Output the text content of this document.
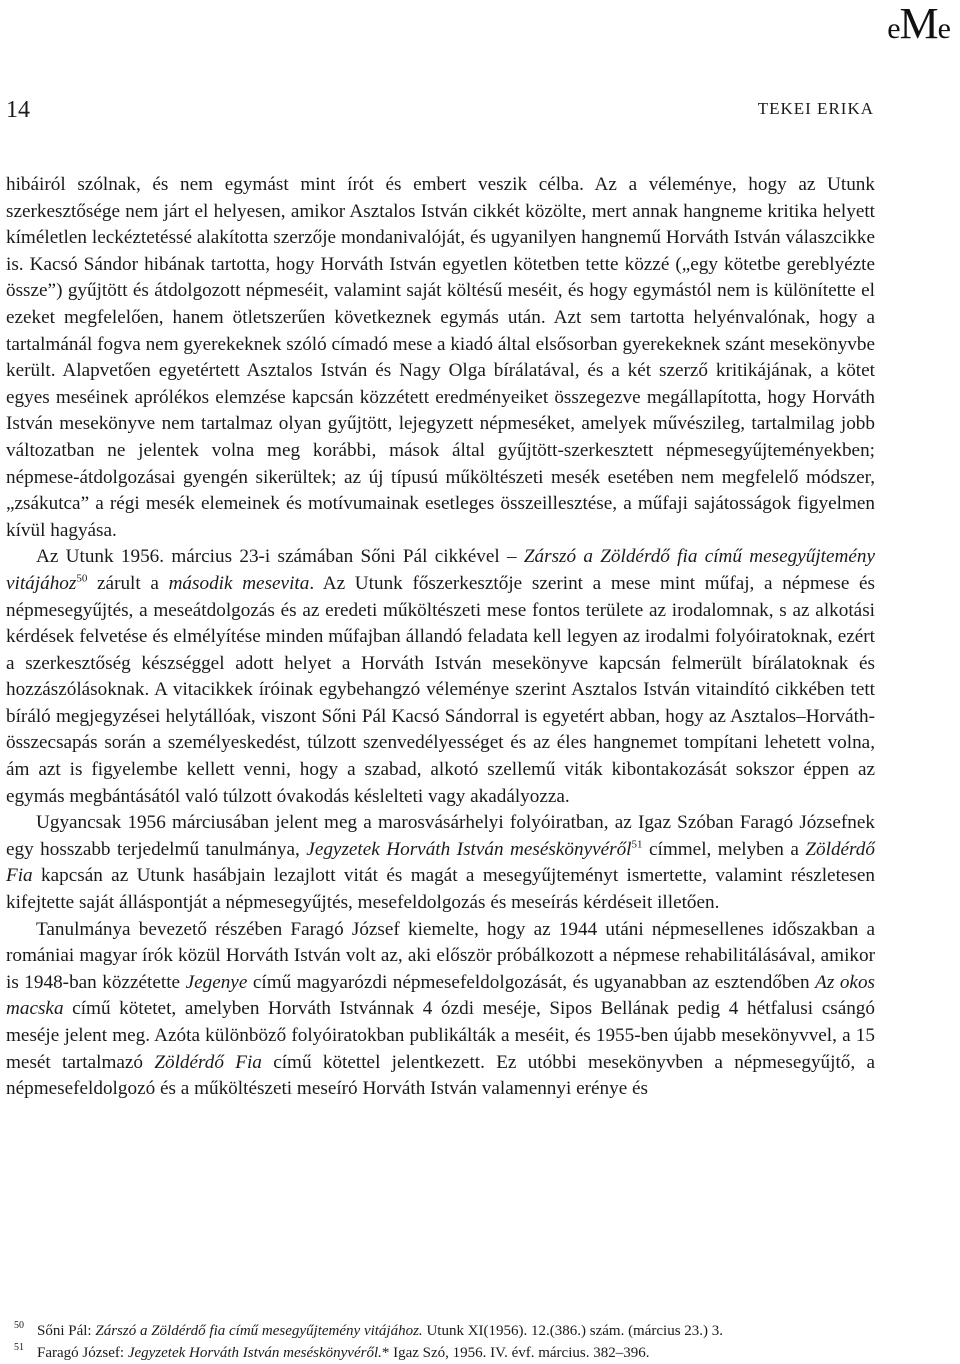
eMe
14	TEKEI ERIKA

hibáiról szólnak, és nem egymást mint írót és embert veszik célba. Az a véleménye, hogy az Utunk szerkesztősége nem járt el helyesen, amikor Asztalos István cikkét közölte, mert annak hangneme kritika helyett kíméletlen leckéztetéssé alakította szerzője mondanivalóját, és ugyanilyen hangnemű Horváth István válaszcikke is. Kacsó Sándor hibának tartotta, hogy Horváth István egyetlen kötetben tette közzé („egy kötetbe gereblyézte össze”) gyűjtött és átdolgozott népmeséit, valamint saját költésű meséit, és hogy egymástól nem is különítette el ezeket megfelelően, hanem ötletszerűen következnek egymás után. Azt sem tartotta helyénvalónak, hogy a tartalmánál fogva nem gyerekeknek szóló címadó mese a kiadó által elsősorban gyerekeknek szánt mesekönyvbe került. Alapvetően egyetértett Asztalos István és Nagy Olga bírálatával, és a két szerző kritikájának, a kötet egyes meséinek aprólékos elemzése kapcsán közzétett eredményeiket összegezve megállapította, hogy Horváth István mesekönyve nem tartalmaz olyan gyűjtött, lejegyzett népmeséket, amelyek művészileg, tartalmilag jobb változatban ne jelentek volna meg korábbi, mások által gyűjtött-szerkesztett népmesegyűjteményekben; népmese-átdolgozásai gyengén sikerültek; az új típusú műköltészeti mesék esetében nem megfelelő módszer, „zsákutca” a régi mesék elemeinek és motívumainak esetleges összeillesztése, a műfaji sajátosságok figyelmen kívül hagyása.

Az Utunk 1956. március 23-i számában Sőni Pál cikkével – Zárszó a Zöldérdő fia című mesegyűjtemény vitájához$^{50}$ zárult a második mesevita. Az Utunk főszerkesztője szerint a mese mint műfaj, a népmese és népmesegyűjtés, a meseátdolgozás és az eredeti műköltészeti mese fontos területe az irodalomnak, s az alkotási kérdések felvetése és elmélyítése minden műfajban állandó feladata kell legyen az irodalmi folyóiratoknak, ezért a szerkesztőség készséggel adott helyet a Horváth István mesekönyve kapcsán felmerült bírálatoknak és hozzászólásoknak. A vitacikkek íróinak egybehangzó véleménye szerint Asztalos István vitaindító cikkében tett bíráló megjegyzései helytállóak, viszont Sőni Pál Kacsó Sándorral is egyetért abban, hogy az Asztalos–Horváth-összecsapás során a személyeskedést, túlzott szenvedélyességet és az éles hangnemet tompítani lehetett volna, ám azt is figyelembe kellett venni, hogy a szabad, alkotó szellemű viták kibontakozását sokszor éppen az egymás megbántásától való túlzott óvakodás késlelteti vagy akadályozza.

Ugyancsak 1956 márciusában jelent meg a marosvásárhelyi folyóiratban, az Igaz Szóban Faragó Józsefnek egy hosszabb terjedelmű tanulmánya, Jegyzetek Horváth István meséskönyvéről$^{51}$ címmel, melyben a Zöldérdő Fia kapcsán az Utunk hasábjain lezajlott vitát és magát a mesegyűjteményt ismertette, valamint részletesen kifejtette saját álláspontját a népmesegyűjtés, mesefeldolgozás és meseírás kérdéseit illetően.

Tanulmánya bevezető részében Faragó József kiemelte, hogy az 1944 utáni népmesellenes időszakban a romániai magyar írók közül Horváth István volt az, aki először próbálkozott a népmese rehabilitálásával, amikor is 1948-ban közzétette Jegenye című magyarózdi népmesefeldolgozását, és ugyanabban az esztendőben Az okos macska című kötetet, amelyben Horváth Istvánnak 4 ózdi meséje, Sipos Bellának pedig 4 hétfalusi csángó meséje jelent meg. Azóta különböző folyóiratokban publikálták a meséit, és 1955-ben újabb mesekönyvvel, a 15 mesét tartalmazó Zöldérdő Fia című kötettel jelentkezett. Ez utóbbi mesekönyvben a népmesegyűjtő, a népmesefeldolgozó és a műköltészeti meseíró Horváth István valamennyi erénye és

50 Sőni Pál: Zárszó a Zöldérdő fia című mesegyűjtemény vitájához. Utunk XI(1956). 12.(386.) szám. (március 23.) 3.
51 Faragó József: Jegyzetek Horváth István meséskönyvéről.* Igaz Szó, 1956. IV. évf. március. 382–396.
